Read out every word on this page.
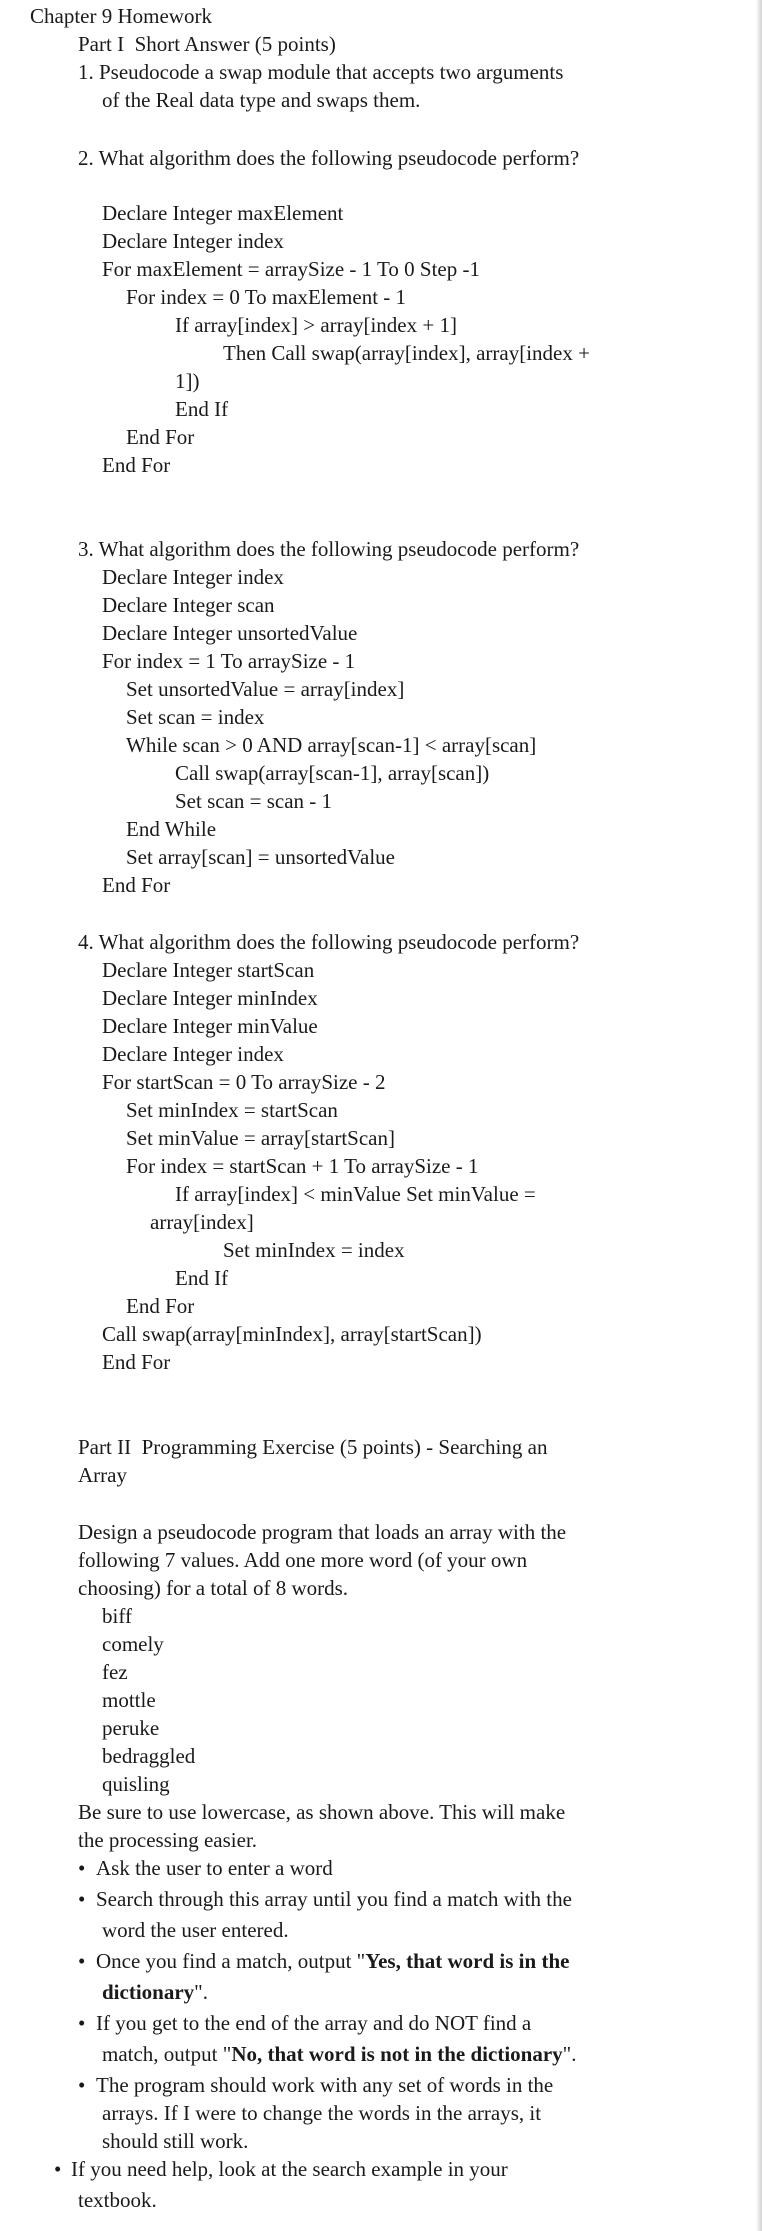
Chapter 9 Homework

Part I  Short Answer (5 points)

1. Pseudocode a swap module that accepts two arguments

of the Real data type and swaps them.

2. What algorithm does the following pseudocode perform?

Declare Integer maxElement

Declare Integer index

For maxElement = arraySize - 1 To 0 Step -1

For index = 0 To maxElement - 1

If array[index] > array[index + 1]

Then Call swap(array[index], array[index +

1])

End If

End For

End For

3. What algorithm does the following pseudocode perform?

Declare Integer index

Declare Integer scan

Declare Integer unsortedValue

For index = 1 To arraySize - 1

Set unsortedValue = array[index]

Set scan = index

While scan > 0 AND array[scan-1] < array[scan]

Call swap(array[scan-1], array[scan])

Set scan = scan - 1

End While

Set array[scan] = unsortedValue

End For

4. What algorithm does the following pseudocode perform?

Declare Integer startScan

Declare Integer minIndex

Declare Integer minValue

Declare Integer index

For startScan = 0 To arraySize - 2

Set minIndex = startScan

Set minValue = array[startScan]

For index = startScan + 1 To arraySize - 1

If array[index] < minValue Set minValue =

array[index]

Set minIndex = index

End If

End For

Call swap(array[minIndex], array[startScan])

End For

Part II  Programming Exercise (5 points) - Searching an

Array

Design a pseudocode program that loads an array with the

following 7 values. Add one more word (of your own

choosing) for a total of 8 words.

biff

comely

fez

mottle

peruke

bedraggled

quisling

Be sure to use lowercase, as shown above. This will make

the processing easier.

• Ask the user to enter a word

• Search through this array until you find a match with the

word the user entered.

• Once you find a match, output "Yes, that word is in the

dictionary".

• If you get to the end of the array and do NOT find a

match, output "No, that word is not in the dictionary".

• The program should work with any set of words in the

arrays. If I were to change the words in the arrays, it

should still work.

• If you need help, look at the search example in your

textbook.
